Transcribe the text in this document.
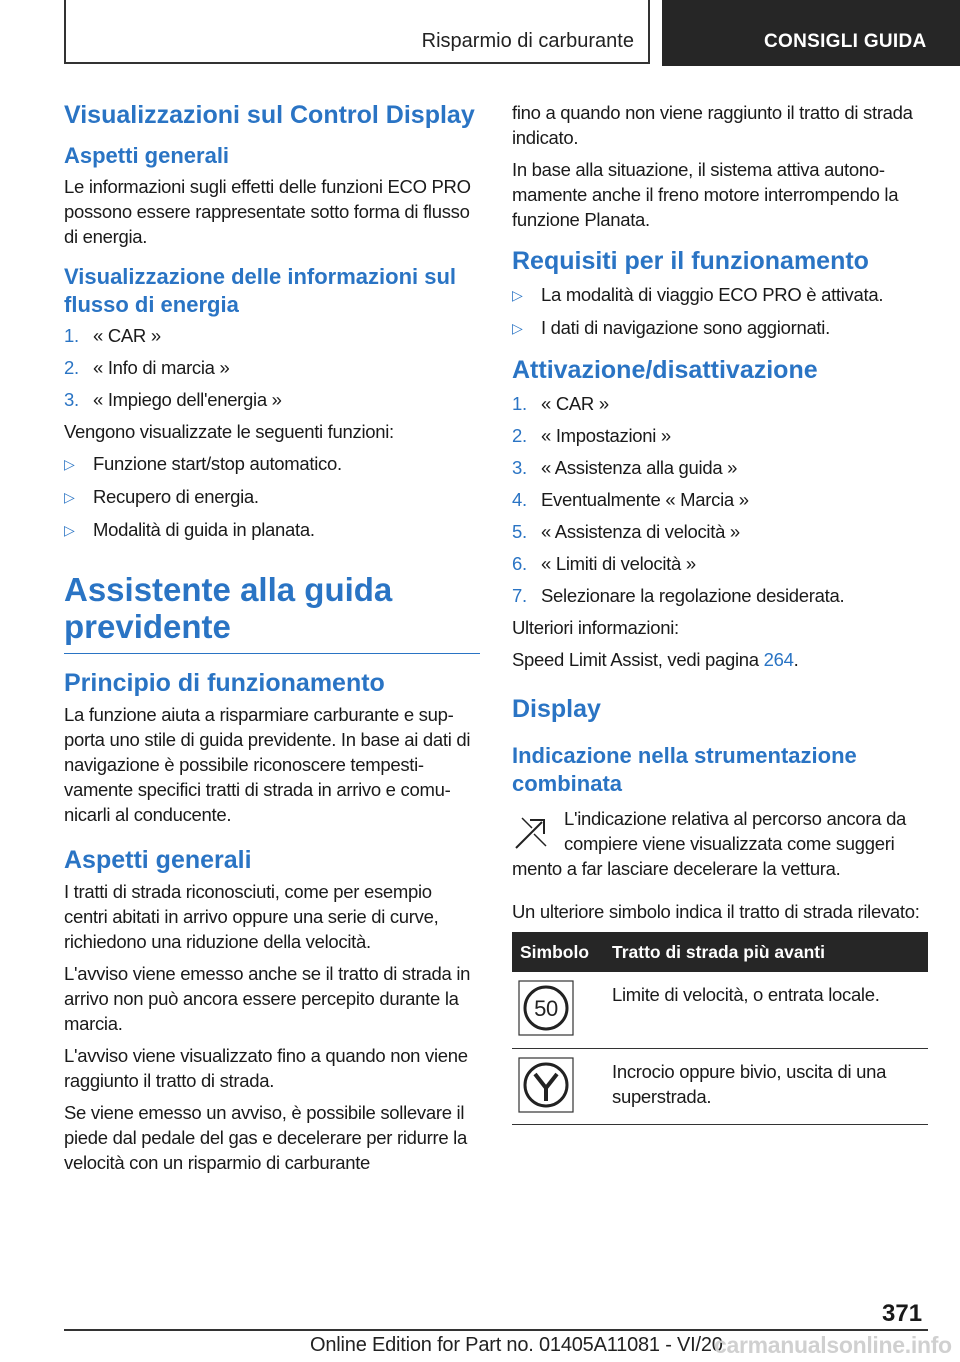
Risparmio di carburante	CONSIGLI GUIDA
Visualizzazioni sul Control Display
Aspetti generali
Le informazioni sugli effetti delle funzioni ECO PRO possono essere rappresentate sotto forma di flusso di energia.
Visualizzazione delle informazioni sul flusso di energia
1. « CAR »
2. « Info di marcia »
3. « Impiego dell'energia »
Vengono visualizzate le seguenti funzioni:
▷	Funzione start/stop automatico.
▷	Recupero di energia.
▷	Modalità di guida in planata.
Assistente alla guida previdente
Principio di funzionamento
La funzione aiuta a risparmiare carburante e supporta uno stile di guida previdente. In base ai dati di navigazione è possibile riconoscere tempestivamente specifici tratti di strada in arrivo e comunicarli al conducente.
Aspetti generali
I tratti di strada riconosciuti, come per esempio centri abitati in arrivo oppure una serie di curve, richiedono una riduzione della velocità.
L'avviso viene emesso anche se il tratto di strada in arrivo non può ancora essere percepito durante la marcia.
L'avviso viene visualizzato fino a quando non viene raggiunto il tratto di strada.
Se viene emesso un avviso, è possibile sollevare il piede dal pedale del gas e decelerare per ridurre la velocità con un risparmio di carburante
fino a quando non viene raggiunto il tratto di strada indicato.
In base alla situazione, il sistema attiva autonomamente anche il freno motore interrompendo la funzione Planata.
Requisiti per il funzionamento
▷	La modalità di viaggio ECO PRO è attivata.
▷	I dati di navigazione sono aggiornati.
Attivazione/disattivazione
1. « CAR »
2. « Impostazioni »
3. « Assistenza alla guida »
4. Eventualmente « Marcia »
5. « Assistenza di velocità »
6. « Limiti di velocità »
7. Selezionare la regolazione desiderata.
Ulteriori informazioni:
Speed Limit Assist, vedi pagina 264.
Display
Indicazione nella strumentazione combinata
L'indicazione relativa al percorso ancora da compiere viene visualizzata come suggeri
mento a far lasciare decelerare la vettura.
Un ulteriore simbolo indica il tratto di strada rilevato:
Simbolo	Tratto di strada più avanti

50	Limite di velocità, o entrata locale.
	Incrocio oppure bivio, uscita di una superstrada.
371
Online Edition for Part no. 01405A11081 - VI/20
carmanualsonline.info
